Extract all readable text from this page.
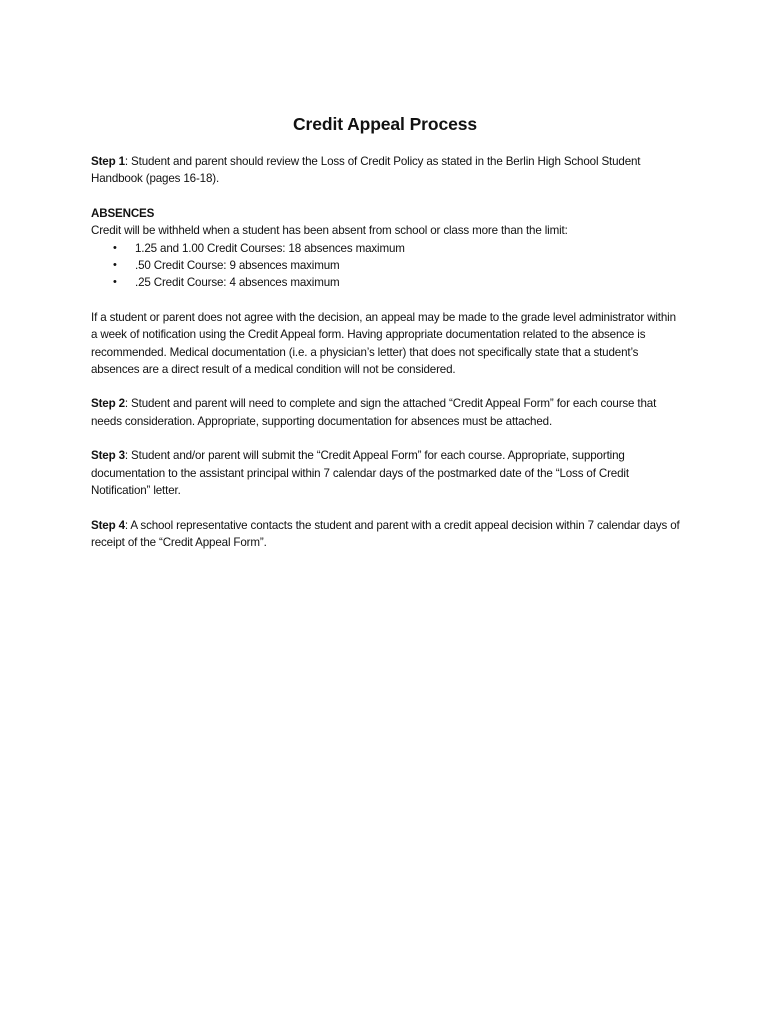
Credit Appeal Process

Step 1: Student and parent should review the Loss of Credit Policy as stated in the Berlin High School Student Handbook (pages 16-18).

ABSENCES
Credit will be withheld when a student has been absent from school or class more than the limit:
• 1.25 and 1.00 Credit Courses: 18 absences maximum
• .50 Credit Course: 9 absences maximum
• .25 Credit Course: 4 absences maximum

If a student or parent does not agree with the decision, an appeal may be made to the grade level administrator within a week of notification using the Credit Appeal form. Having appropriate documentation related to the absence is recommended. Medical documentation (i.e. a physician’s letter) that does not specifically state that a student’s absences are a direct result of a medical condition will not be considered.

Step 2: Student and parent will need to complete and sign the attached “Credit Appeal Form” for each course that needs consideration. Appropriate, supporting documentation for absences must be attached.

Step 3: Student and/or parent will submit the “Credit Appeal Form” for each course. Appropriate, supporting documentation to the assistant principal within 7 calendar days of the postmarked date of the “Loss of Credit Notification” letter.

Step 4: A school representative contacts the student and parent with a credit appeal decision within 7 calendar days of receipt of the “Credit Appeal Form”.
